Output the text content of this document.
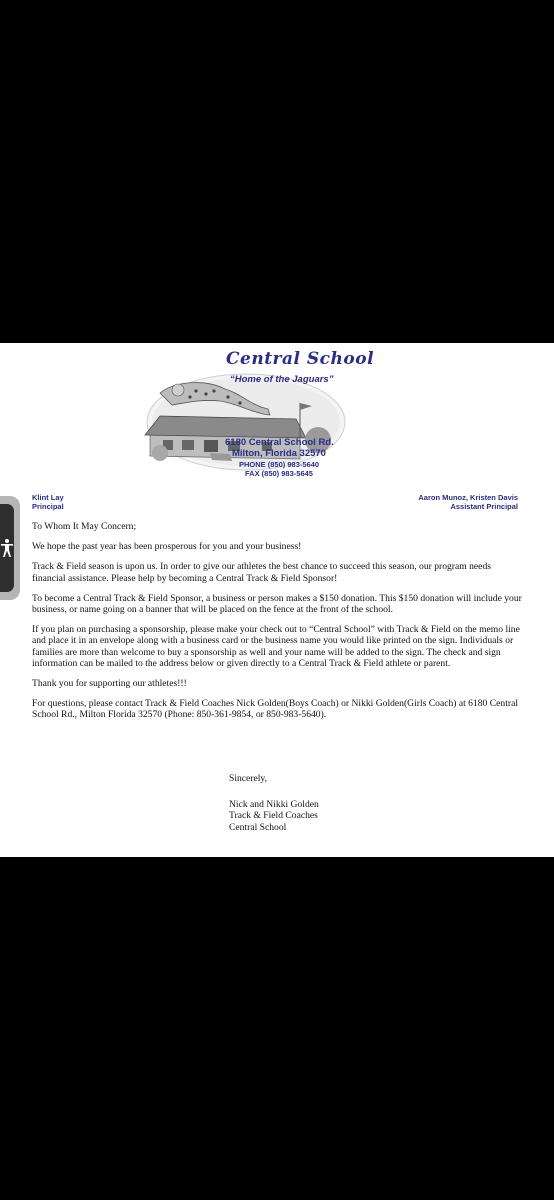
Central School
“Home of the Jaguars”
6180 Central School Rd.
Milton, Florida 32570
PHONE (850) 983-5640
FAX (850) 983-5645
Klint Lay
Principal
Aaron Munoz, Kristen Davis
Assistant Principal

To Whom It May Concern;

We hope the past year has been prosperous for you and your business!

Track & Field season is upon us. In order to give our athletes the best chance to succeed this season, our program needs financial assistance. Please help by becoming a Central Track & Field Sponsor!

To become a Central Track & Field Sponsor, a business or person makes a $150 donation. This $150 donation will include your business, or name going on a banner that will be placed on the fence at the front of the school.

If you plan on purchasing a sponsorship, please make your check out to “Central School” with Track & Field on the memo line and place it in an envelope along with a business card or the business name you would like printed on the sign. Individuals or families are more than welcome to buy a sponsorship as well and your name will be added to the sign. The check and sign information can be mailed to the address below or given directly to a Central Track & Field athlete or parent.

Thank you for supporting our athletes!!!

For questions, please contact Track & Field Coaches Nick Golden(Boys Coach) or Nikki Golden(Girls Coach) at 6180 Central School Rd., Milton Florida 32570 (Phone: 850-361-9854, or 850-983-5640).

Sincerely,
Nick and Nikki Golden
Track & Field Coaches
Central School
